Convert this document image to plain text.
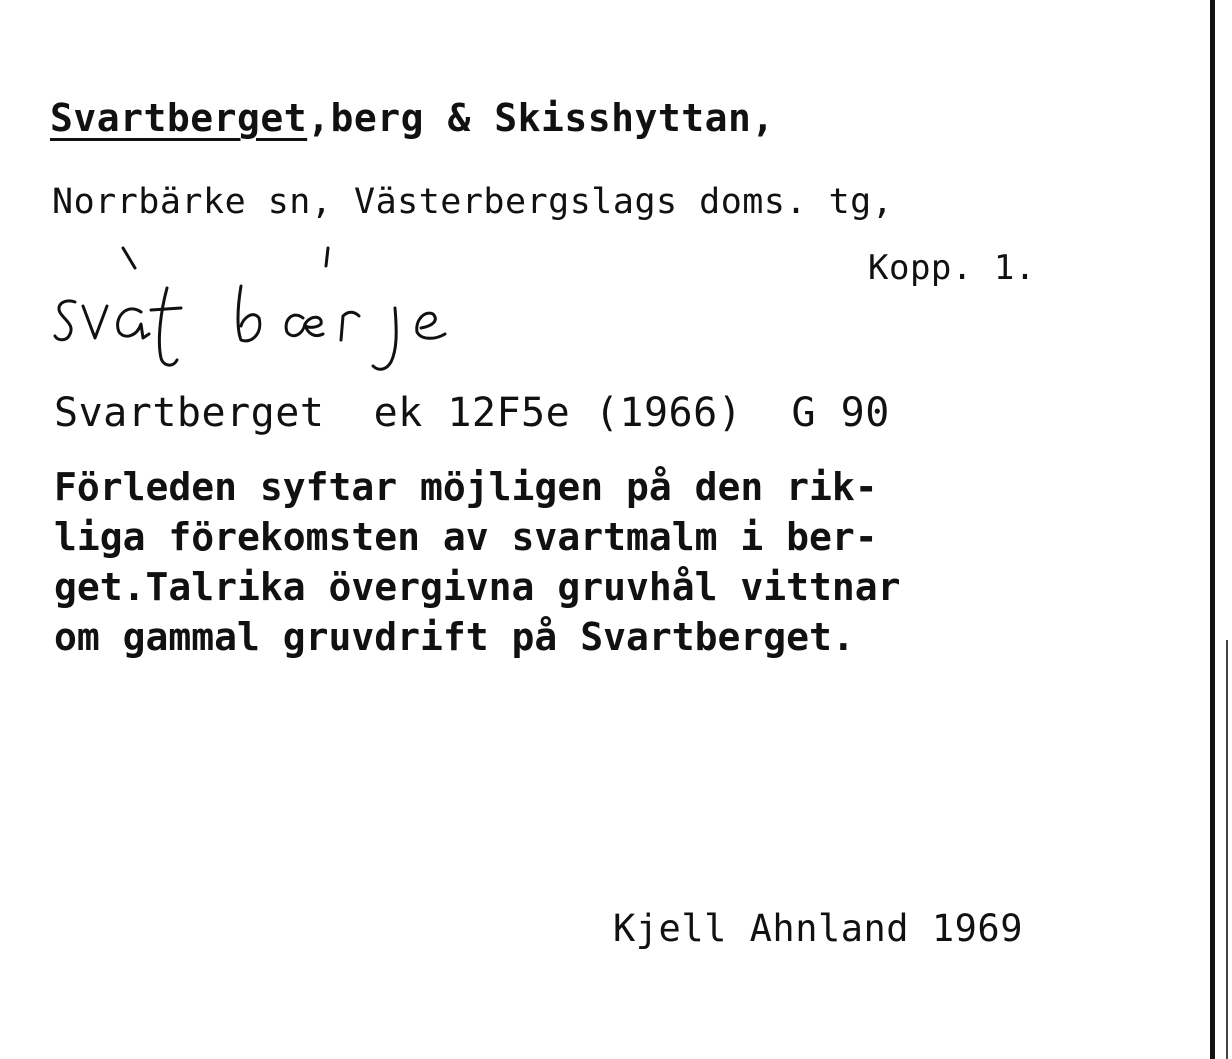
Svartberget,berg & Skisshyttan,
Norrbärke sn, Västerbergslags doms. tg,
Kopp. 1.
Svartberget  ek 12F5e (1966)  G 90
Förleden syftar möjligen på den rik-
liga förekomsten av svartmalm i ber-
get.Talrika övergivna gruvhål vittnar
om gammal gruvdrift på Svartberget.
Kjell Ahnland 1969
